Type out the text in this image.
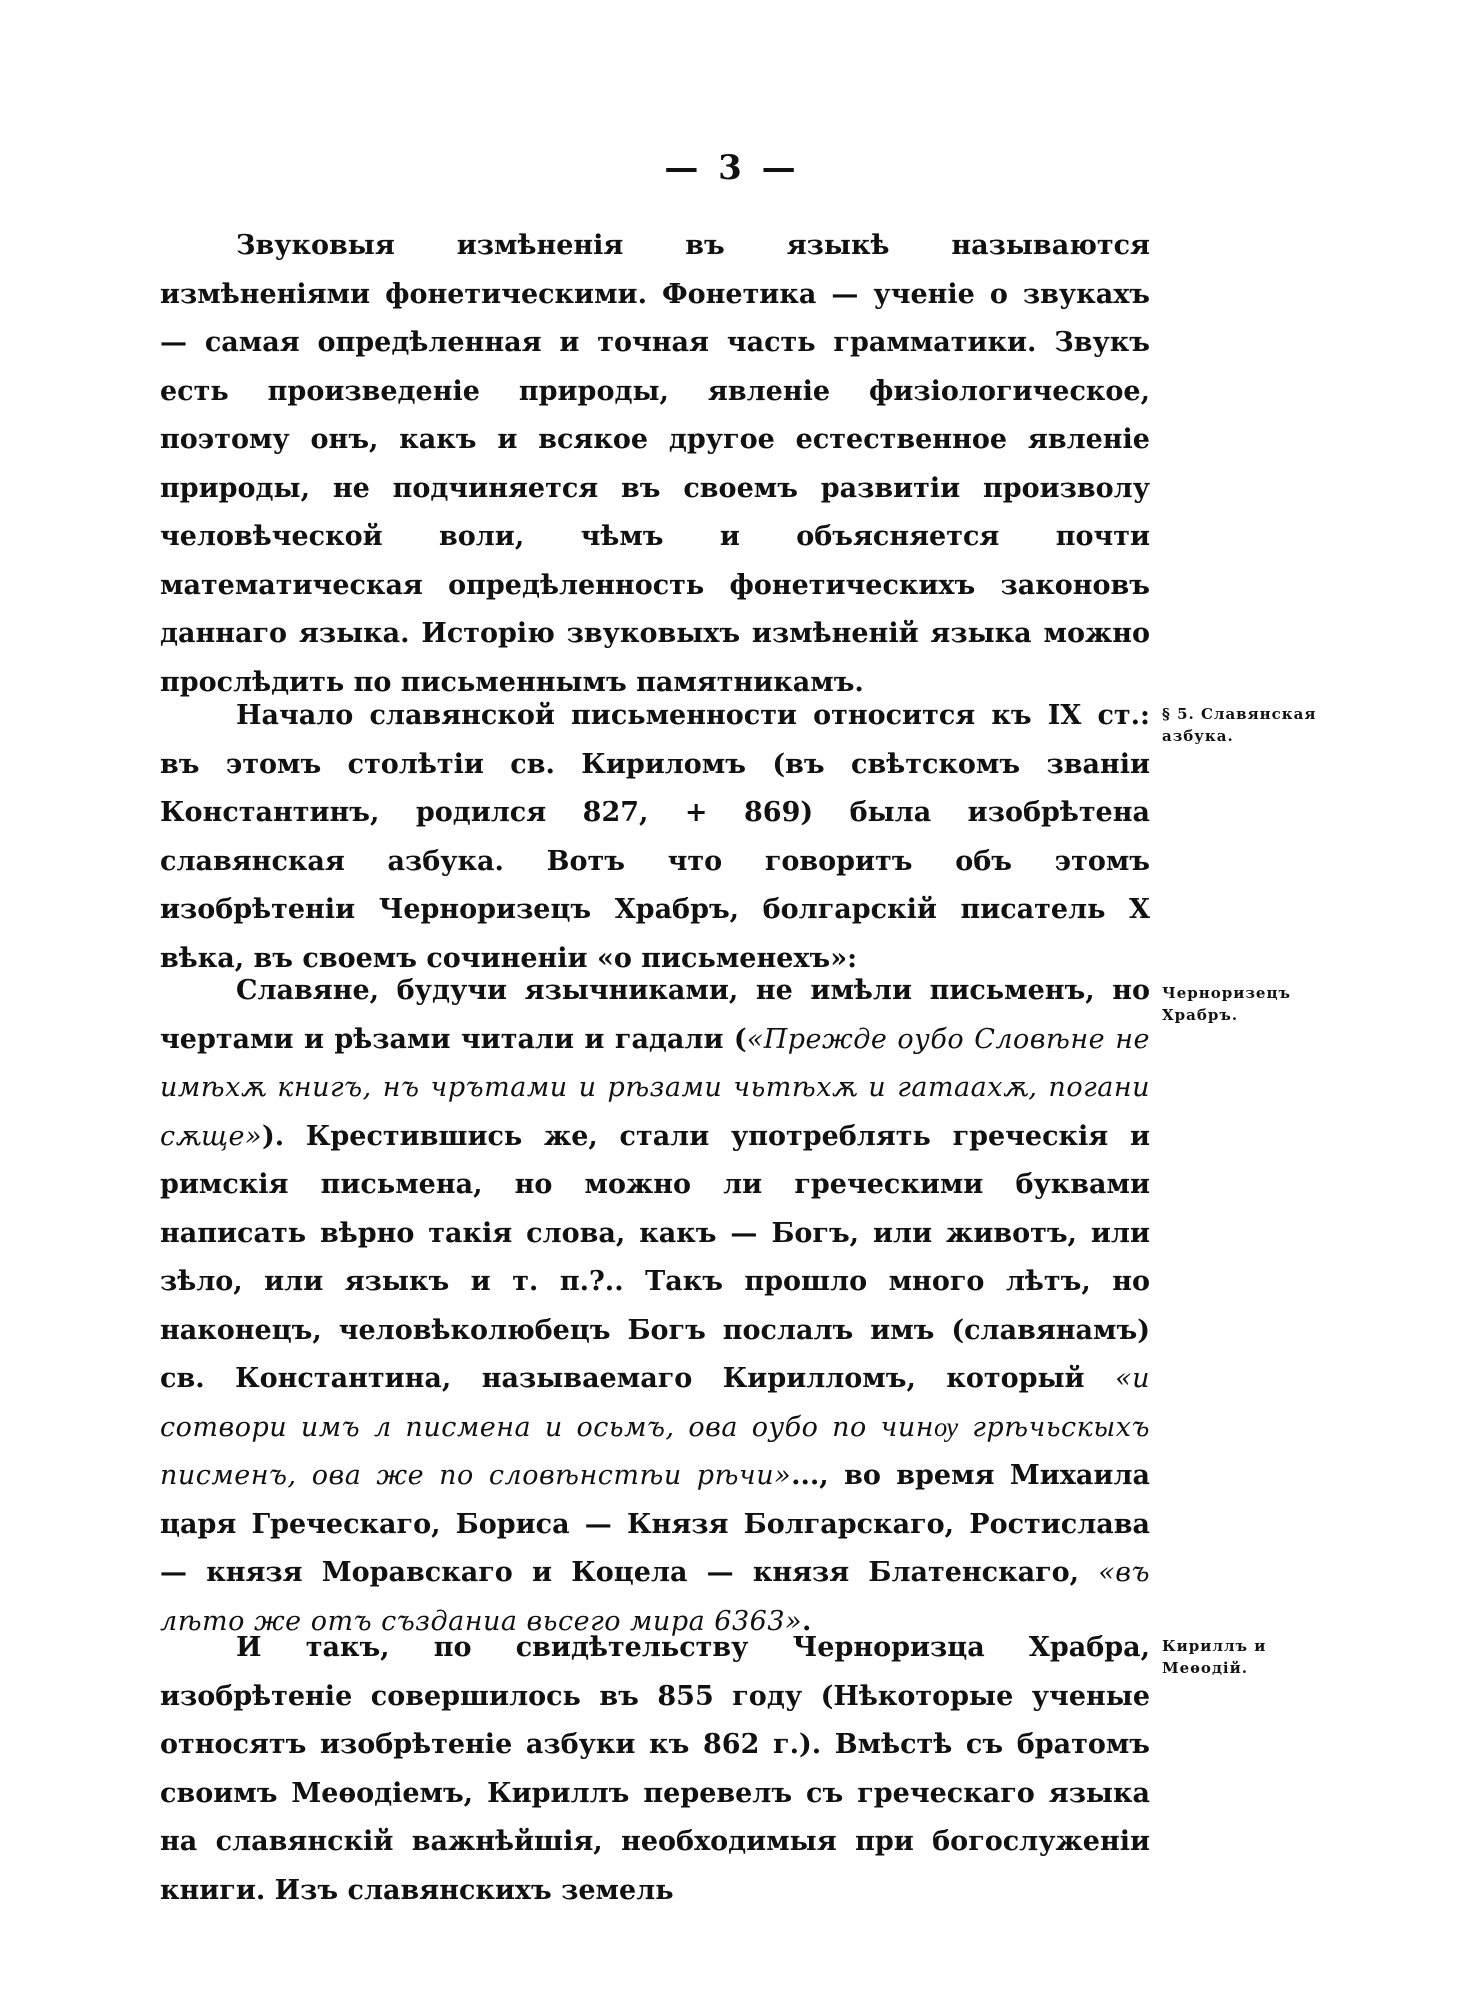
— 3 —

Звуковыя измѣненія въ языкѣ называются измѣненіями фонетическими. Фонетика — ученіе о звукахъ — самая опредѣленная и точная часть грамматики. Звукъ есть произведеніе природы, явленіе физіологическое, поэтому онъ, какъ и всякое другое естественное явленіе природы, не подчиняется въ своемъ развитіи произволу человѣческой воли, чѣмъ и объясняется почти математическая опредѣленность фонетическихъ законовъ даннаго языка. Исторію звуковыхъ измѣненій языка можно прослѣдить по письменнымъ памятникамъ.

§ 5. Славянская азбука.

Начало славянской письменности относится къ IX ст.: въ этомъ столѣтіи св. Кириломъ (въ свѣтскомъ званіи Константинъ, родился 827, + 869) была изобрѣтена славянская азбука. Вотъ что говоритъ объ этомъ изобрѣтеніи Черноризецъ Храбръ, болгарскій писатель X вѣка, въ своемъ сочиненіи «о письменехъ»:

Черноризецъ Храбръ.

Славяне, будучи язычниками, не имѣли письменъ, но чертами и рѣзами читали и гадали («Прежде оубо Словѣне не имѣхѫ книгъ, нъ чрътами и рѣзами чьтѣхѫ и гатаахѫ, погани сѫще»). Крестившись же, стали употреблять греческія и римскія письмена, но можно ли греческими буквами написать вѣрно такія слова, какъ — Богъ, или животъ, или зѣло, или языкъ и т. п.?.. Такъ прошло много лѣтъ, но наконецъ, человѣколюбецъ Богъ послалъ имъ (славянамъ) св. Константина, называемаго Кирилломъ, который «и сотвори имъ л писмена и осьмъ, ова оубо по чинѹ грѣчьскыхъ писменъ, ова же по словѣнстѣи рѣчи»..., во время Михаила царя Греческаго, Бориса — Князя Болгарскаго, Ростислава — князя Моравскаго и Коцела — князя Блатенскаго, «въ лѣто же отъ създаниа вьсего мира 6363».

Кириллъ и Меѳодій.

И такъ, по свидѣтельству Черноризца Храбра, изобрѣтеніе совершилось въ 855 году (Нѣкоторые ученые относятъ изобрѣтеніе азбуки къ 862 г.). Вмѣстѣ съ братомъ своимъ Меѳодіемъ, Кириллъ перевелъ съ греческаго языка на славянскій важнѣйшія, необходимыя при богослуженіи книги. Изъ славянскихъ земель
